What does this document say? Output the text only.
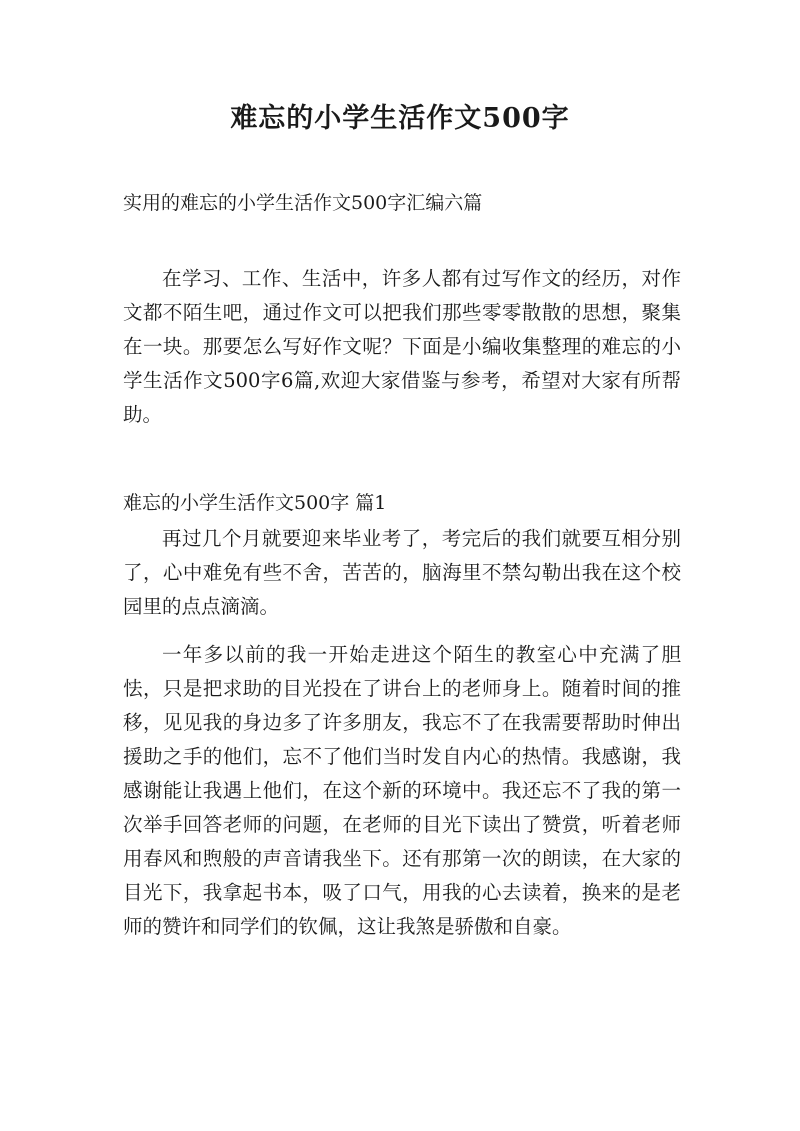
难忘的小学生活作文500字

实用的难忘的小学生活作文500字汇编六篇

在学习、工作、生活中，许多人都有过写作文的经历，对作文都不陌生吧，通过作文可以把我们那些零零散散的思想，聚集在一块。那要怎么写好作文呢？下面是小编收集整理的难忘的小学生活作文500字6篇,欢迎大家借鉴与参考，希望对大家有所帮助。

难忘的小学生活作文500字 篇1

再过几个月就要迎来毕业考了，考完后的我们就要互相分别了，心中难免有些不舍，苦苦的，脑海里不禁勾勒出我在这个校园里的点点滴滴。

一年多以前的我一开始走进这个陌生的教室心中充满了胆怯，只是把求助的目光投在了讲台上的老师身上。随着时间的推移，见见我的身边多了许多朋友，我忘不了在我需要帮助时伸出援助之手的他们，忘不了他们当时发自内心的热情。我感谢，我感谢能让我遇上他们，在这个新的环境中。我还忘不了我的第一次举手回答老师的问题，在老师的目光下读出了赞赏，听着老师用春风和煦般的声音请我坐下。还有那第一次的朗读，在大家的目光下，我拿起书本，吸了口气，用我的心去读着，换来的是老师的赞许和同学们的钦佩，这让我煞是骄傲和自豪。
